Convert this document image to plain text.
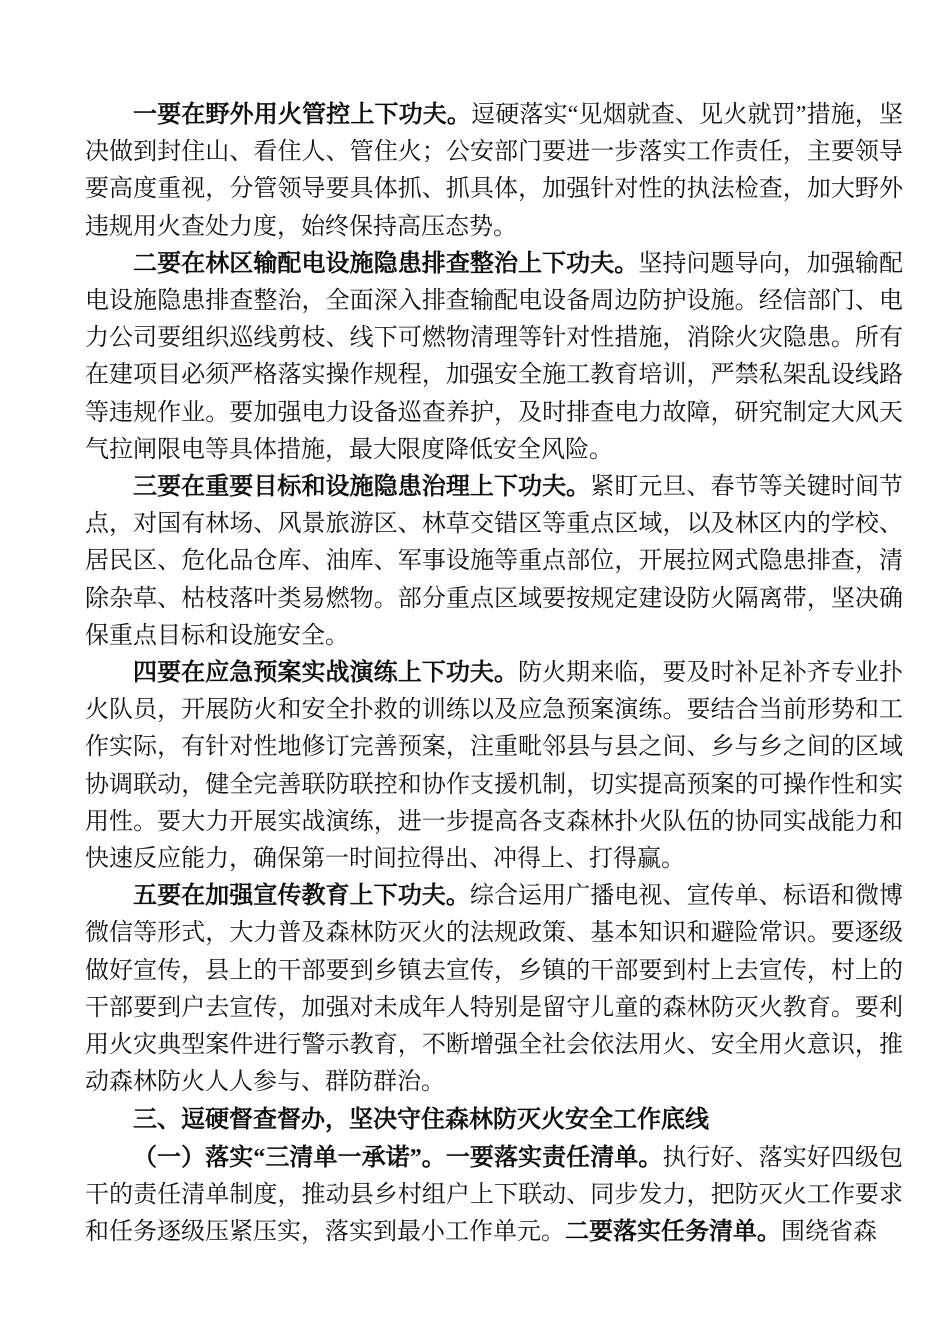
一要在野外用火管控上下功夫。逗硬落实“见烟就查、见火就罚”措施，坚决做到封住山、看住人、管住火；公安部门要进一步落实工作责任，主要领导要高度重视，分管领导要具体抓、抓具体，加强针对性的执法检查，加大野外违规用火查处力度，始终保持高压态势。

二要在林区输配电设施隐患排查整治上下功夫。坚持问题导向，加强输配电设施隐患排查整治，全面深入排查输配电设备周边防护设施。经信部门、电力公司要组织巡线剪枝、线下可燃物清理等针对性措施，消除火灾隐患。所有在建项目必须严格落实操作规程，加强安全施工教育培训，严禁私架乱设线路等违规作业。要加强电力设备巡查养护，及时排查电力故障，研究制定大风天气拉闸限电等具体措施，最大限度降低安全风险。

三要在重要目标和设施隐患治理上下功夫。紧盯元旦、春节等关键时间节点，对国有林场、风景旅游区、林草交错区等重点区域，以及林区内的学校、居民区、危化品仓库、油库、军事设施等重点部位，开展拉网式隐患排查，清除杂草、枯枝落叶类易燃物。部分重点区域要按规定建设防火隔离带，坚决确保重点目标和设施安全。

四要在应急预案实战演练上下功夫。防火期来临，要及时补足补齐专业扑火队员，开展防火和安全扑救的训练以及应急预案演练。要结合当前形势和工作实际，有针对性地修订完善预案，注重毗邻县与县之间、乡与乡之间的区域协调联动，健全完善联防联控和协作支援机制，切实提高预案的可操作性和实用性。要大力开展实战演练，进一步提高各支森林扑火队伍的协同实战能力和快速反应能力，确保第一时间拉得出、冲得上、打得赢。

五要在加强宣传教育上下功夫。综合运用广播电视、宣传单、标语和微博微信等形式，大力普及森林防灭火的法规政策、基本知识和避险常识。要逐级做好宣传，县上的干部要到乡镇去宣传，乡镇的干部要到村上去宣传，村上的干部要到户去宣传，加强对未成年人特别是留守儿童的森林防灭火教育。要利用火灾典型案件进行警示教育，不断增强全社会依法用火、安全用火意识，推动森林防火人人参与、群防群治。

三、逗硬督查督办，坚决守住森林防灭火安全工作底线

（一）落实“三清单一承诺”。一要落实责任清单。执行好、落实好四级包干的责任清单制度，推动县乡村组户上下联动、同步发力，把防灭火工作要求和任务逐级压紧压实，落实到最小工作单元。二要落实任务清单。围绕省森
